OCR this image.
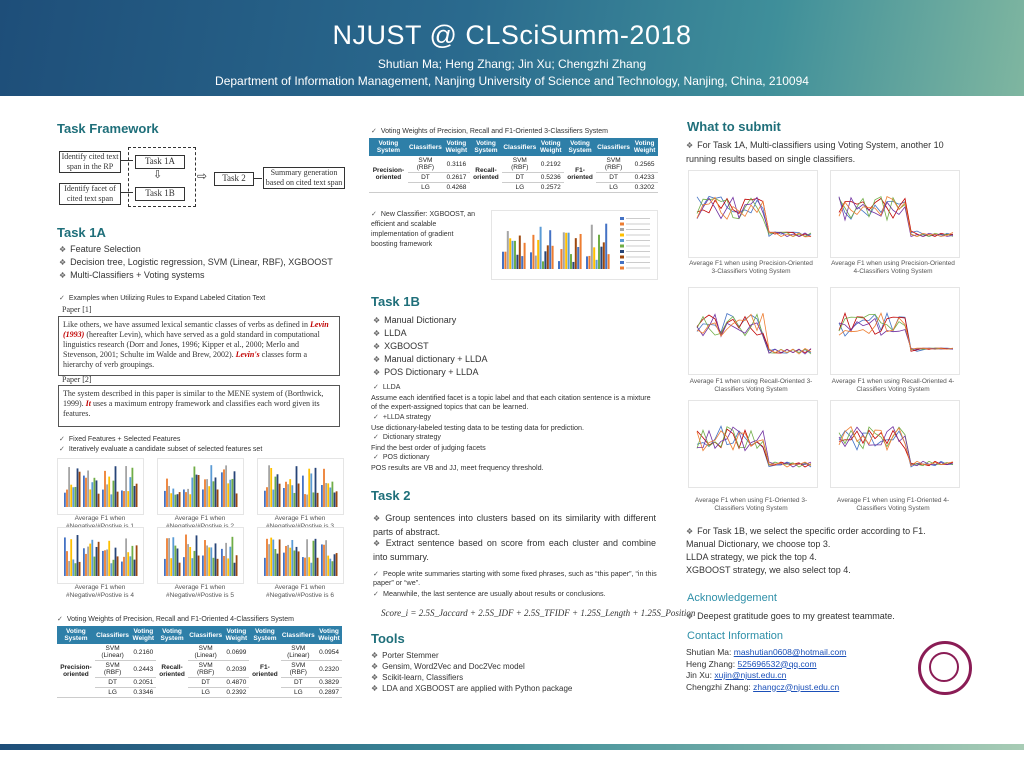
NJUST @ CLSciSumm-2018
Shutian Ma; Heng Zhang; Jin Xu; Chengzhi Zhang
Department of Information Management, Nanjing University of Science and Technology, Nanjing, China, 210094
Task Framework
Identify cited text span in the RP
Identify facet of cited text span
Task 1A
⇩
Task 1B
⇨	Task 2
Summary generation based on cited text span
Task 1A
❖ Feature Selection
❖ Decision tree, Logistic regression, SVM (Linear, RBF), XGBOOST
❖ Multi-Classifiers + Voting systems
✓ Examples when Utilizing Rules to Expand Labeled Citation Text
Paper [1]
Like others, we have assumed lexical semantic classes of verbs as defined in Levin (1993) (hereafter Levin), which have served as a gold standard in computational linguistics research (Dorr and Jones, 1996; Kipper et al., 2000; Merlo and Stevenson, 2001; Schulte im Walde and Brew, 2002). Levin's classes form a hierarchy of verb groupings.
Paper [2]
The system described in this paper is similar to the MENE system of (Borthwick, 1999). It uses a maximum entropy framework and classifies each word given its features.
✓ Fixed Features + Selected Features
✓ Iteratively evaluate a candidate subset of selected features set
Average F1 when #Negative/#Postive is 1
Average F1 when #Negative/#Postive is 2
Average F1 when #Negative/#Postive is 3
Average F1 when #Negative/#Postive is 4
Average F1 when #Negative/#Postive is 5
Average F1 when #Negative/#Postive is 6
✓ Voting Weights of Precision, Recall and F1-Oriented 4-Classifiers System
Voting System	Classifiers	Voting Weight	Voting System	Classifiers	Voting Weight	Voting System	Classifiers	Voting Weight
Precision-oriented	SVM (Linear)	0.2160	Recall-oriented	SVM (Linear)	0.0699	F1- oriented	SVM (Linear)	0.0954
	SVM (RBF)	0.2443		SVM (RBF)	0.2039		SVM (RBF)	0.2320
	DT	0.2051		DT	0.4870		DT	0.3829
	LG	0.3346		LG	0.2392		LG	0.2897
✓ Voting Weights of Precision, Recall and F1-Oriented 3-Classifiers System
Voting System	Classifiers	Voting Weight	Voting System	Classifiers	Voting Weight	Voting System	Classifiers	Voting Weight
Precision-oriented	SVM (RBF)	0.3116	Recall-oriented	SVM (RBF)	0.2192	F1- oriented	SVM (RBF)	0.2565
	DT	0.2617		DT	0.5236		DT	0.4233
	LG	0.4268		LG	0.2572		LG	0.3202
✓ New Classifier: XGBOOST, an efficient and scalable implementation of gradient boosting framework
Task 1B
❖ Manual Dictionary
❖ LLDA
❖ XGBOOST
❖ Manual dictionary + LLDA
❖ POS Dictionary + LLDA
✓ LLDA
Assume each identified facet is a topic label and that each citation sentence is a mixture of the expert-assigned topics that can be learned.
✓ +LLDA strategy
Use dictionary-labeled testing data to be testing data for prediction.
✓ Dictionary strategy
Find the best order of judging facets
✓ POS dictionary
POS results are VB and JJ, meet frequency threshold.
Task 2
❖ Group sentences into clusters based on its similarity with different parts of abstract.
❖ Extract sentence based on score from each cluster and combine into summary.
✓ People write summaries starting with some fixed phrases, such as “this paper”, “in this paper” or “we”.
✓ Meanwhile, the last sentence are usually about results or conclusions.
Score_i = 2.5S_Jaccard + 2.5S_IDF + 2.5S_TFIDF + 1.25S_Length + 1.25S_Position
Tools
❖ Porter Stemmer
❖ Gensim, Word2Vec and Doc2Vec model
❖ Scikit-learn, Classifiers
❖ LDA and XGBOOST are applied with Python package
What to submit
❖ For Task 1A, Multi-classifiers using Voting System, another 10 running results based on single classifiers.
Average F1 when using Precision-Oriented 3-Classifiers Voting System
Average F1 when using Precision-Oriented 4-Classifiers Voting System
Average F1 when using Recall-Oriented 3-Classifiers Voting System
Average F1 when using Recall-Oriented 4-Classifiers Voting System
Average F1 when using F1-Oriented 3-Classifiers Voting System
Average F1 when using F1-Oriented 4-Classifiers Voting System
❖ For Task 1B, we select the specific order according to F1.
Manual Dictionary, we choose top 3.
LLDA strategy, we pick the top 4.
XGBOOST strategy, we also select top 4.
Acknowledgement
❖ Deepest gratitude goes to my greatest teammate.
Contact Information
Shutian Ma: mashutian0608@hotmail.com
Heng Zhang: 525696532@qq.com
Jin Xu: xujin@njust.edu.cn
Chengzhi Zhang: zhangcz@njust.edu.cn
